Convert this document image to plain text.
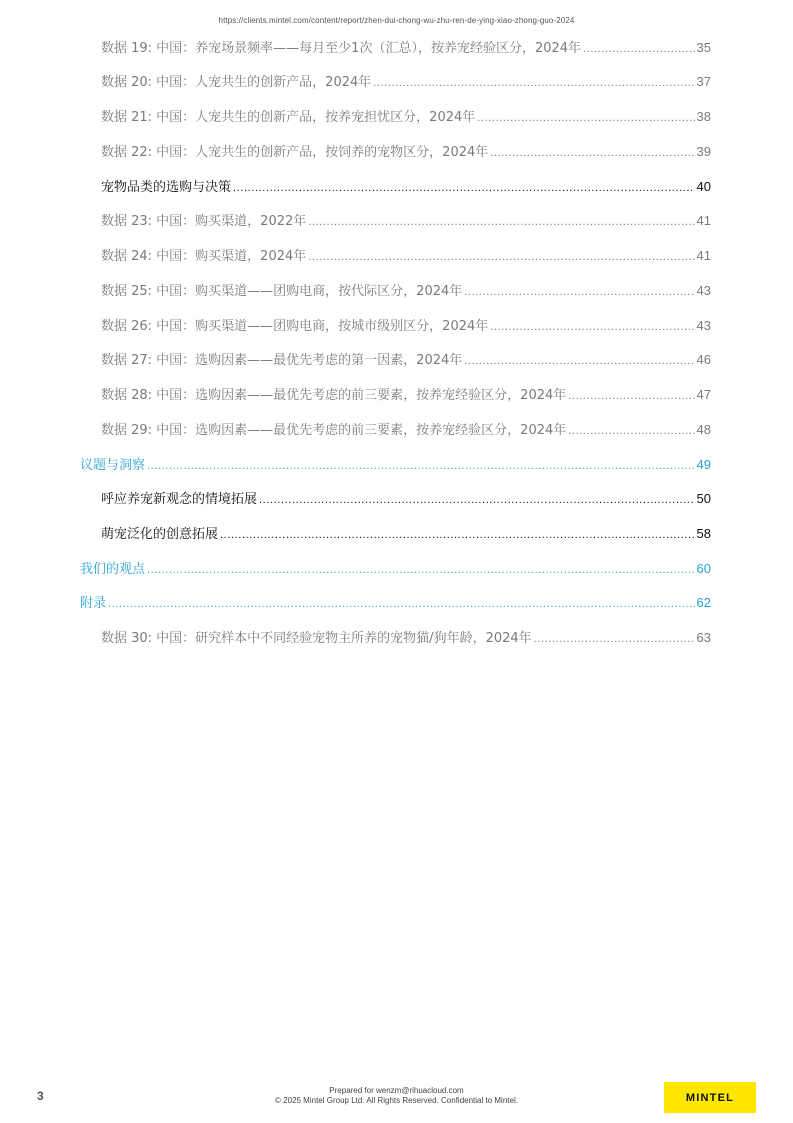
https://clients.mintel.com/content/report/zhen-dui-chong-wu-zhu-ren-de-ying-xiao-zhong-guo-2024
数据 19: 中国：养宠场景频率——每月至少1次（汇总），按养宠经验区分，2024年 .....	35
数据 20: 中国：人宠共生的创新产品，2024年 .....	37
数据 21: 中国：人宠共生的创新产品，按养宠担忧区分，2024年 .....	38
数据 22: 中国：人宠共生的创新产品，按饲养的宠物区分，2024年 .....	39
宠物品类的选购与决策 .....	40
数据 23: 中国：购买渠道，2022年 .....	41
数据 24: 中国：购买渠道，2024年 .....	41
数据 25: 中国：购买渠道——团购电商，按代际区分，2024年 .....	43
数据 26: 中国：购买渠道——团购电商，按城市级别区分，2024年 .....	43
数据 27: 中国：选购因素——最优先考虑的第一因素，2024年 .....	46
数据 28: 中国：选购因素——最优先考虑的前三要素，按养宠经验区分，2024年 .....	47
数据 29: 中国：选购因素——最优先考虑的前三要素，按养宠经验区分，2024年 .....	48
议题与洞察 .....	49
呼应养宠新观念的情境拓展 .....	50
萌宠泛化的创意拓展 .....	58
我们的观点 .....	60
附录 .....	62
数据 30: 中国：研究样本中不同经验宠物主所养的宠物猫/狗年龄，2024年 .....	63
3	Prepared for wenzm@rihuacloud.com
© 2025 Mintel Group Ltd. All Rights Reserved. Confidential to Mintel.	MINTEL
